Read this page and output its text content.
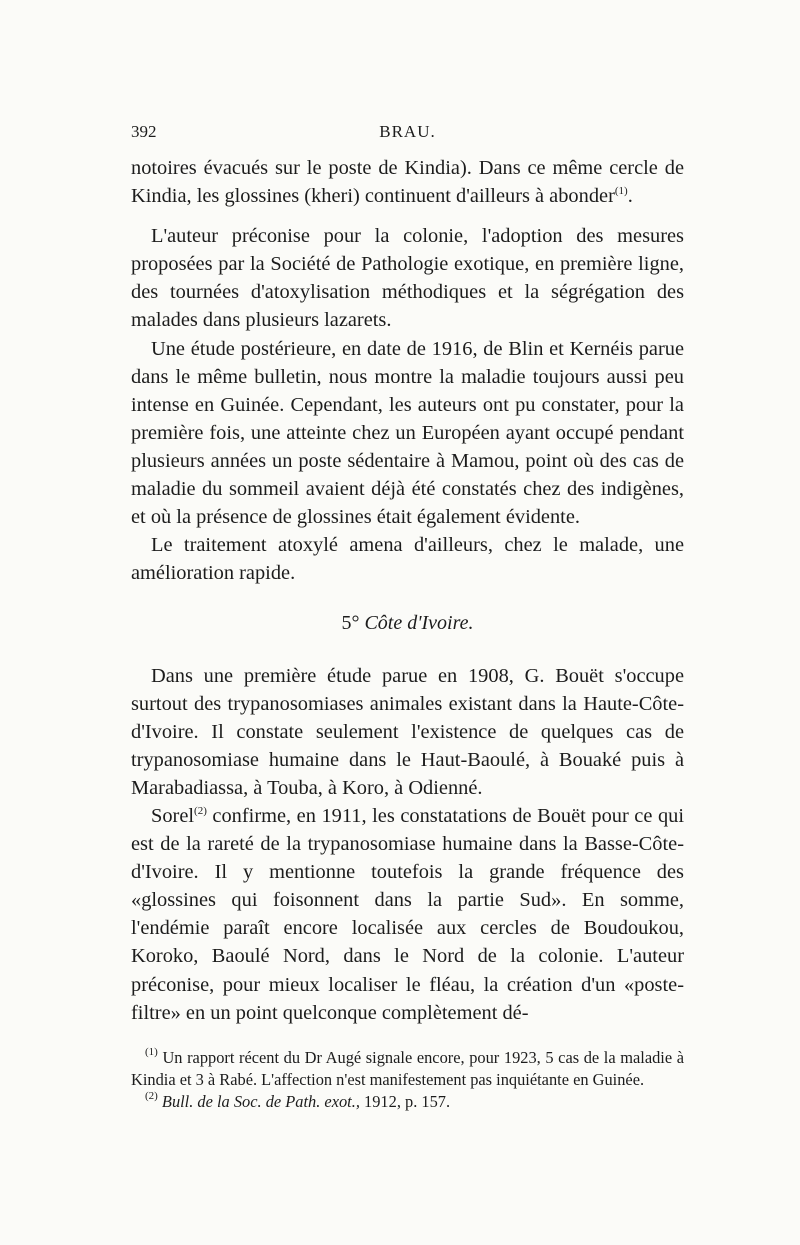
392	BRAU.

notoires évacués sur le poste de Kindia). Dans ce même cercle de Kindia, les glossines (kheri) continuent d'ailleurs à abonder$^{(1)}$.

L'auteur préconise pour la colonie, l'adoption des mesures proposées par la Société de Pathologie exotique, en première ligne, des tournées d'atoxylisation méthodiques et la ségrégation des malades dans plusieurs lazarets.

Une étude postérieure, en date de 1916, de Blin et Kernéis parue dans le même bulletin, nous montre la maladie toujours aussi peu intense en Guinée. Cependant, les auteurs ont pu constater, pour la première fois, une atteinte chez un Européen ayant occupé pendant plusieurs années un poste sédentaire à Mamou, point où des cas de maladie du sommeil avaient déjà été constatés chez des indigènes, et où la présence de glossines était également évidente.

Le traitement atoxylé amena d'ailleurs, chez le malade, une amélioration rapide.

5° Côte d'Ivoire.

Dans une première étude parue en 1908, G. Bouët s'occupe surtout des trypanosomiases animales existant dans la Haute-Côte-d'Ivoire. Il constate seulement l'existence de quelques cas de trypanosomiase humaine dans le Haut-Baoulé, à Bouaké puis à Marabadiassa, à Touba, à Koro, à Odienné.

Sorel$^{(2)}$ confirme, en 1911, les constatations de Bouët pour ce qui est de la rareté de la trypanosomiase humaine dans la Basse-Côte-d'Ivoire. Il y mentionne toutefois la grande fréquence des «glossines qui foisonnent dans la partie Sud». En somme, l'endémie paraît encore localisée aux cercles de Boudoukou, Koroko, Baoulé Nord, dans le Nord de la colonie. L'auteur préconise, pour mieux localiser le fléau, la création d'un «poste-filtre» en un point quelconque complètement dé-

$^{(1)}$ Un rapport récent du Dr Augé signale encore, pour 1923, 5 cas de la maladie à Kindia et 3 à Rabé. L'affection n'est manifestement pas inquiétante en Guinée.

$^{(2)}$ Bull. de la Soc. de Path. exot., 1912, p. 157.
